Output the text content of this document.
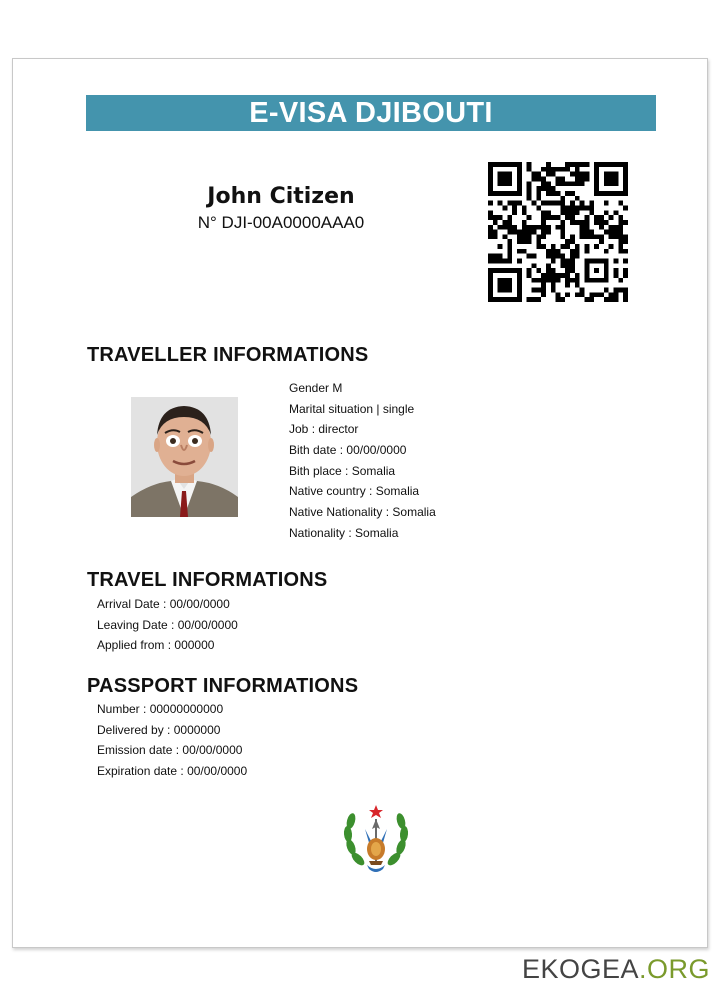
E-VISA DJIBOUTI
John Citizen
N° DJI-00A0000AAA0
TRAVELLER INFORMATIONS
Gender M
Marital situation | single
Job : director
Bith date : 00/00/0000
Bith place : Somalia
Native country : Somalia
Native Nationality : Somalia
Nationality : Somalia
TRAVEL INFORMATIONS
Arrival Date : 00/00/0000
Leaving Date : 00/00/0000
Applied from : 000000
PASSPORT INFORMATIONS
Number : 00000000000
Delivered by : 0000000
Emission date : 00/00/0000
Expiration date : 00/00/0000
EKOGEA.ORG
